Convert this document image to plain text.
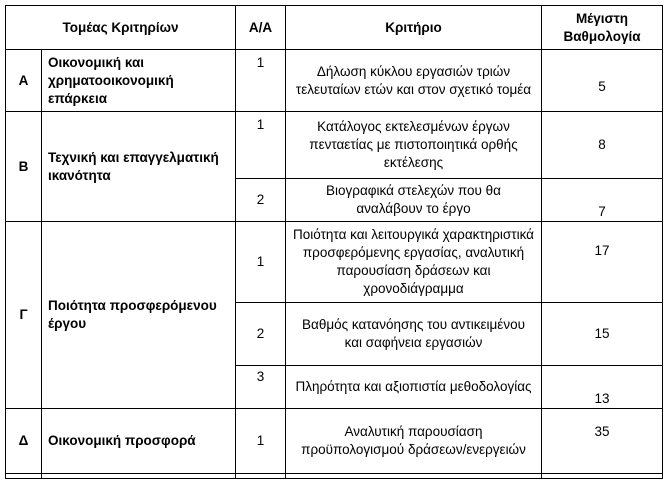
Τομέας Κριτηρίων		Α/Α	Κριτήριο	Μέγιστη
Βαθμολογία
Α	Οικονομική και χρηματοοικονομική επάρκεια	1	Δήλωση κύκλου εργασιών τριών τελευταίων ετών και στον σχετικό τομέα	5
Β	Τεχνική και επαγγελματική ικανότητα	1	Κατάλογος εκτελεσμένων έργων πενταετίας με πιστοποιητικά ορθής εκτέλεσης	8
		2	Βιογραφικά στελεχών που θα αναλάβουν το έργο	7
Γ	Ποιότητα προσφερόμενου έργου	1	Ποιότητα και λειτουργικά χαρακτηριστικά προσφερόμενης εργασίας, αναλυτική παρουσίαση δράσεων και χρονοδιάγραμμα	17
		2	Βαθμός κατανόησης του αντικειμένου και σαφήνεια εργασιών	15
		3	Πληρότητα και αξιοπιστία μεθοδολογίας	13
Δ	Οικονομική προσφορά	1	Αναλυτική παρουσίαση προϋπολογισμού δράσεων/ενεργειών	35
